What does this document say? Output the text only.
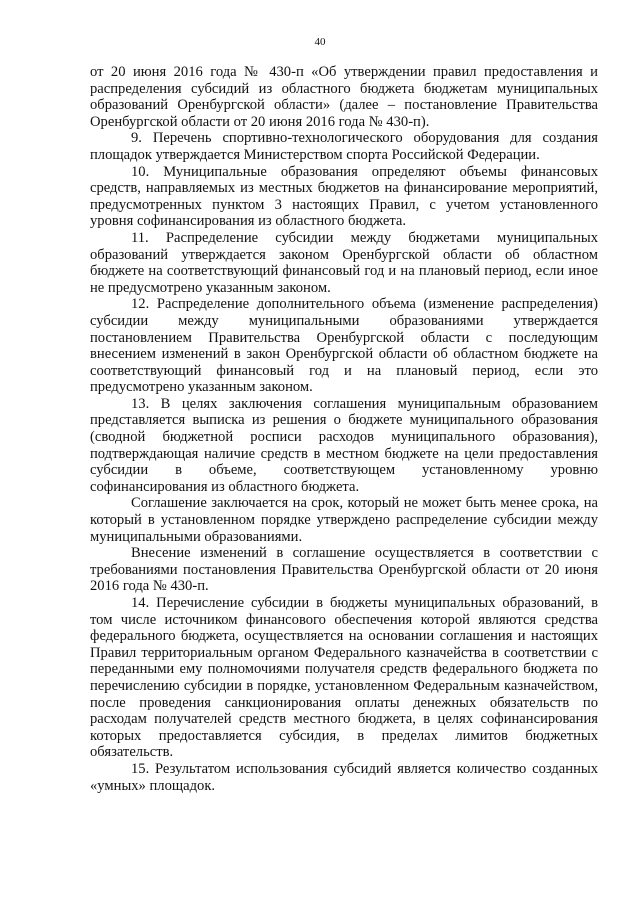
40

от 20 июня 2016 года № 430-п «Об утверждении правил предоставления и распределения субсидий из областного бюджета бюджетам муниципальных образований Оренбургской области» (далее – постановление Правительства Оренбургской области от 20 июня 2016 года № 430-п).

9. Перечень спортивно-технологического оборудования для создания площадок утверждается Министерством спорта Российской Федерации.

10. Муниципальные образования определяют объемы финансовых средств, направляемых из местных бюджетов на финансирование мероприятий, предусмотренных пунктом 3 настоящих Правил, с учетом установленного уровня софинансирования из областного бюджета.

11. Распределение субсидии между бюджетами муниципальных образований утверждается законом Оренбургской области об областном бюджете на соответствующий финансовый год и на плановый период, если иное не предусмотрено указанным законом.

12. Распределение дополнительного объема (изменение распределения) субсидии между муниципальными образованиями утверждается постановлением Правительства Оренбургской области с последующим внесением изменений в закон Оренбургской области об областном бюджете на соответствующий финансовый год и на плановый период, если это предусмотрено указанным законом.

13. В целях заключения соглашения муниципальным образованием представляется выписка из решения о бюджете муниципального образования (сводной бюджетной росписи расходов муниципального образования), подтверждающая наличие средств в местном бюджете на цели предоставления субсидии в объеме, соответствующем установленному уровню софинансирования из областного бюджета.

Соглашение заключается на срок, который не может быть менее срока, на который в установленном порядке утверждено распределение субсидии между муниципальными образованиями.

Внесение изменений в соглашение осуществляется в соответствии с требованиями постановления Правительства Оренбургской области от 20 июня 2016 года № 430-п.

14. Перечисление субсидии в бюджеты муниципальных образований, в том числе источником финансового обеспечения которой являются средства федерального бюджета, осуществляется на основании соглашения и настоящих Правил территориальным органом Федерального казначейства в соответствии с переданными ему полномочиями получателя средств федерального бюджета по перечислению субсидии в порядке, установленном Федеральным казначейством, после проведения санкционирования оплаты денежных обязательств по расходам получателей средств местного бюджета, в целях софинансирования которых предоставляется субсидия, в пределах лимитов бюджетных обязательств.

15. Результатом использования субсидий является количество созданных «умных» площадок.
